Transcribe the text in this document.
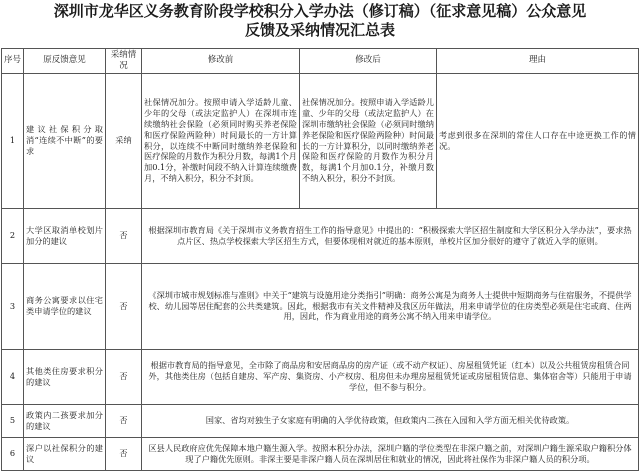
深圳市龙华区义务教育阶段学校积分入学办法（修订稿）（征求意见稿）公众意见
反馈及采纳情况汇总表
序号	原反馈意见	采纳情况	修改前	修改后	理由
1	建议社保积分取消“连续不中断”的要求	采纳	社保情况加分。按照申请入学适龄儿童、少年的父母（或法定监护人）在深圳市连续缴纳社会保险（必须同时购买养老保险和医疗保险两险种）时间最长的一方计算积分，以连续不中断同时缴纳养老保险和医疗保险的月数作为积分月数，每满1个月加0.1分，补缴时间段不纳入计算连续缴费月，不纳入积分，积分不封顶。	社保情况加分。按照申请入学适龄儿童、少年的父母（或法定监护人）在深圳市缴纳社会保险（必须同时缴纳养老保险和医疗保险两险种）时间最长的一方计算积分，以同时缴纳养老保险和医疗保险的月数作为积分月数，每满1个月加0.1分，补缴月数不纳入积分，积分不封顶。	考虑到很多在深圳的常住人口存在中途更换工作的情况。
2	大学区取消单校划片加分的建议	否	根据深圳市教育局《关于深圳市义务教育招生工作的指导意见》中提出的：“积极探索大学区招生制度和大学区积分入学办法”，要求热点片区、热点学校探索大学区招生方式，但要体现相对就近的基本原则，单校片区加分很好的遵守了就近入学的原则。		
3	商务公寓要求以住宅类申请学位的建议	否	《深圳市城市规划标准与准则》中关于“建筑与设施用途分类指引”明确：商务公寓是为商务人士提供中短期商务与住宿服务，不提供学校、幼儿园等居住配套的公共类建筑。因此，根据我市有关文件精神及我区历年做法，用来申请学位的住房类型必须是住宅或商、住两用，因此，作为商业用途的商务公寓不纳入用来申请学位。		
4	其他类住房要求积分的建议	否	根据市教育局的指导意见，全市除了商品房和安居商品房的房产证（或不动产权证）、房屋租赁凭证（红本）以及公共租赁房租赁合同外，其他类住房（包括自建房、军产房、集资房、小产权房、租房但未办理房屋租赁凭证或房屋租赁信息、集体宿舍等）只能用于申请学位，但不参与积分。		
5	政策内二孩要求加分的建议	否	国家、省均对独生子女家庭有明确的入学优待政策，但政策内二孩在入园和入学方面无相关优待政策。		
6	深户以社保积分的建议	否	区县人民政府应优先保障本地户籍生源入学。按照本积分办法，深圳户籍的学位类型在非深户籍之前，对深圳户籍生源采取户籍积分体现了户籍优先原则。非深主要是非深户籍人员在深圳居住和就业的情况，因此将社保作为非深户籍人员的积分项。		
